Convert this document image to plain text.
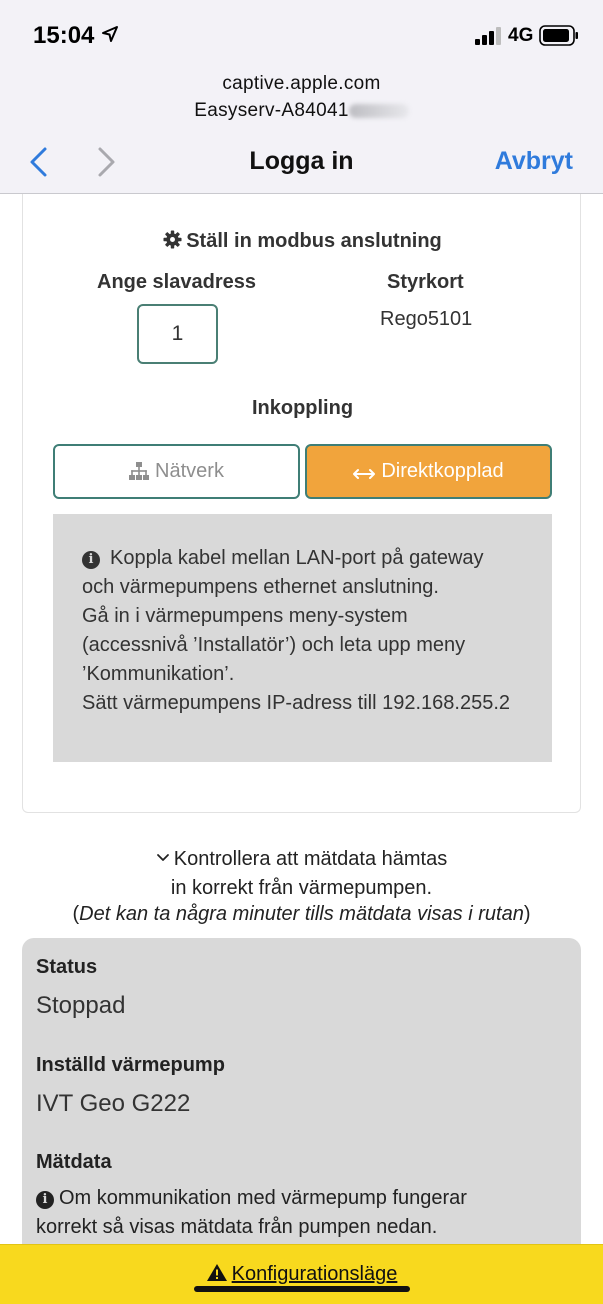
15:04	4G
captive.apple.com
Easyserv-A84041
Logga in	Avbryt
Ställ in modbus anslutning
Ange slavadress	Styrkort
1
Rego5101
Inkoppling
Nätverk	Direktkopplad
i Koppla kabel mellan LAN-port på gateway
och värmepumpens ethernet anslutning.
Gå in i värmepumpens meny-system
(accessnivå ’Installatör’) och leta upp meny
’Kommunikation’.
Sätt värmepumpens IP-adress till 192.168.255.2
Kontrollera att mätdata hämtas
in korrekt från värmepumpen.
(Det kan ta några minuter tills mätdata visas i rutan)
Status
Stoppad
Inställd värmepump
IVT Geo G222
Mätdata
i Om kommunikation med värmepump fungerar
korrekt så visas mätdata från pumpen nedan.
Konfigurationsläge
